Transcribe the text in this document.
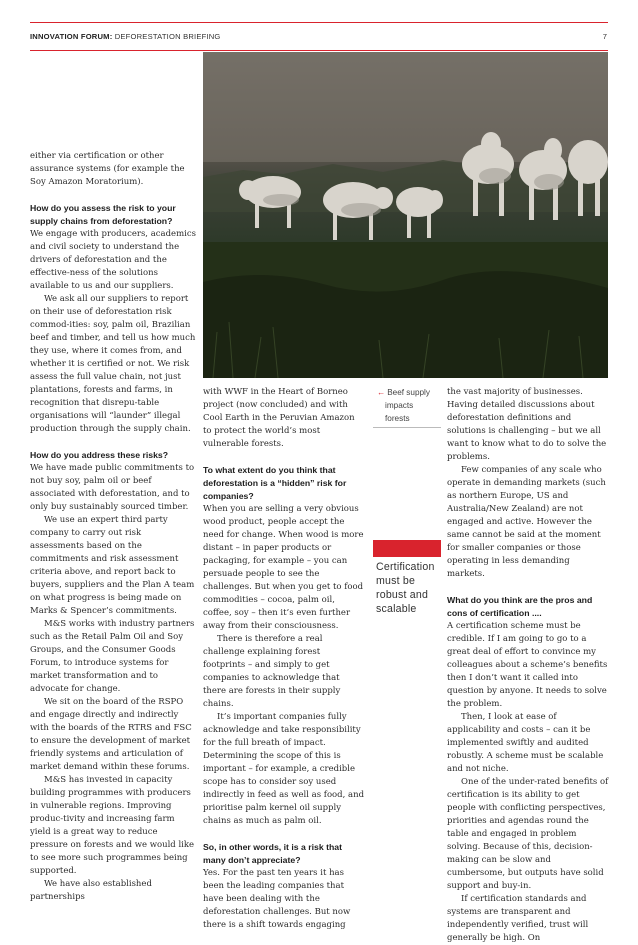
INNOVATION FORUM: DEFORESTATION BRIEFING	7

either via certification or other assurance systems (for example the Soy Amazon Moratorium).

How do you assess the risk to your supply chains from deforestation?

We engage with producers, academics and civil society to understand the drivers of deforestation and the effective-ness of the solutions available to us and our suppliers.

We ask all our suppliers to report on their use of deforestation risk commod-ities: soy, palm oil, Brazilian beef and timber, and tell us how much they use, where it comes from, and whether it is certified or not. We risk assess the full value chain, not just plantations, forests and farms, in recognition that disrepu-table organisations will “launder” illegal production through the supply chain.

How do you address these risks?

We have made public commitments to not buy soy, palm oil or beef associated with deforestation, and to only buy sustainably sourced timber.

We use an expert third party company to carry out risk assessments based on the commitments and risk assessment criteria above, and report back to buyers, suppliers and the Plan A team on what progress is being made on Marks & Spencer’s commitments.

M&S works with industry partners such as the Retail Palm Oil and Soy Groups, and the Consumer Goods Forum, to introduce systems for market transformation and to advocate for change.

We sit on the board of the RSPO and engage directly and indirectly with the boards of the RTRS and FSC to ensure the development of market friendly systems and articulation of market demand within these forums.

M&S has invested in capacity building programmes with producers in vulnerable regions. Improving produc-tivity and increasing farm yield is a great way to reduce pressure on forests and we would like to see more such programmes being supported.

We have also established partnerships

with WWF in the Heart of Borneo project (now concluded) and with Cool Earth in the Peruvian Amazon to protect the world’s most vulnerable forests.

To what extent do you think that deforestation is a “hidden” risk for companies?

When you are selling a very obvious wood product, people accept the need for change. When wood is more distant – in paper products or packaging, for example – you can persuade people to see the challenges. But when you get to food commodities – cocoa, palm oil, coffee, soy – then it’s even further away from their consciousness.

There is therefore a real challenge explaining forest footprints – and simply to get companies to acknowledge that there are forests in their supply chains.

It’s important companies fully acknowledge and take responsibility for the full breath of impact. Determining the scope of this is important – for example, a credible scope has to consider soy used indirectly in feed as well as food, and prioritise palm kernel oil supply chains as much as palm oil.

So, in other words, it is a risk that many don’t appreciate?

Yes. For the past ten years it has been the leading companies that have been dealing with the deforestation challenges. But now there is a shift towards engaging

← Beef supply
impacts
forests
Certification
must be
robust and
scalable

the vast majority of businesses. Having detailed discussions about deforestation definitions and solutions is challenging – but we all want to know what to do to solve the problems.

Few companies of any scale who operate in demanding markets (such as northern Europe, US and Australia/New Zealand) are not engaged and active. However the same cannot be said at the moment for smaller companies or those operating in less demanding markets.

What do you think are the pros and cons of certification ....

A certification scheme must be credible. If I am going to go to a great deal of effort to convince my colleagues about a scheme’s benefits then I don’t want it called into question by anyone. It needs to solve the problem.

Then, I look at ease of applicability and costs – can it be implemented swiftly and audited robustly. A scheme must be scalable and not niche.

One of the under-rated benefits of certification is its ability to get people with conflicting perspectives, priorities and agendas round the table and engaged in problem solving. Because of this, decision-making can be slow and cumbersome, but outputs have solid support and buy-in.

If certification standards and systems are transparent and independently verified, trust will generally be high. On
